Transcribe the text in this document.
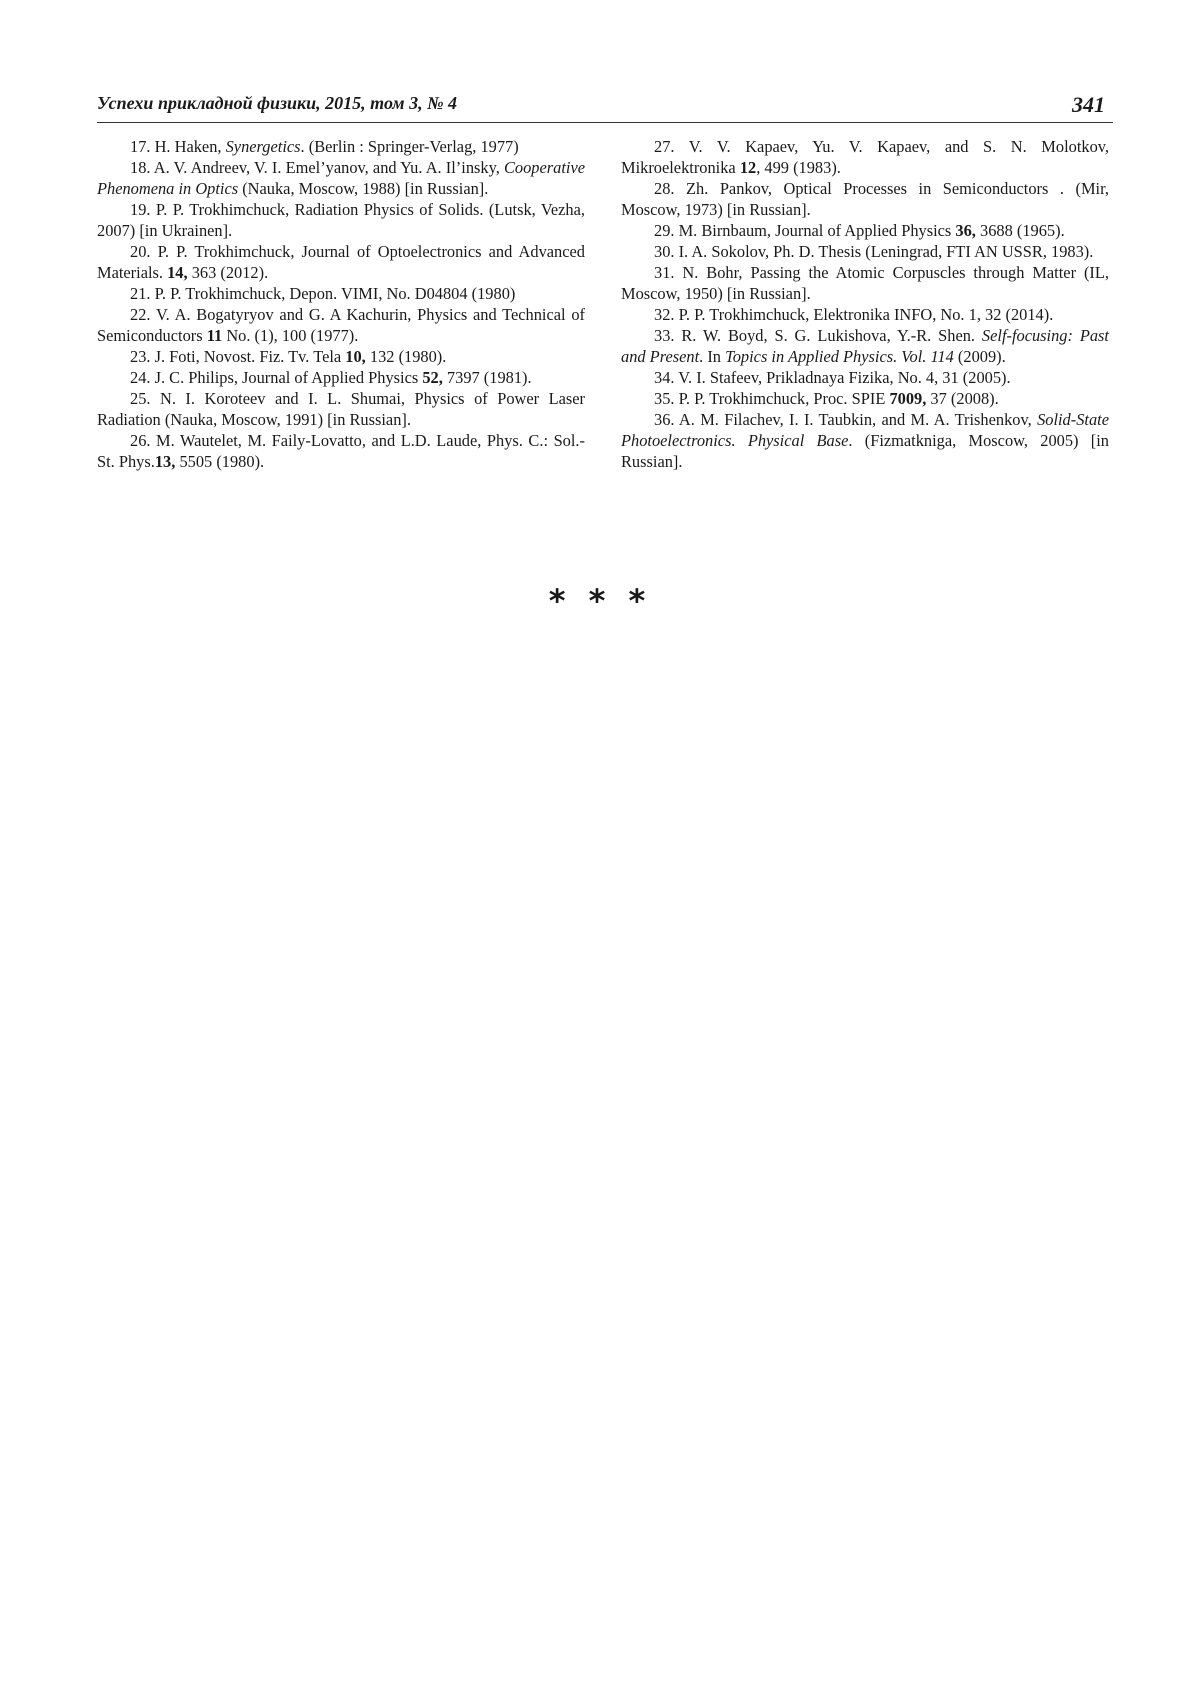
Успехи прикладной физики, 2015, том 3, № 4	341

17. H. Haken, Synergetics. (Berlin : Springer-Verlag, 1977)

18. A. V. Andreev, V. I. Emel’yanov, and Yu. A. Il’insky, Cooperative Phenomena in Optics (Nauka, Moscow, 1988) [in Russian].

19. P. P. Trokhimchuck, Radiation Physics of Solids. (Lutsk, Vezha, 2007) [in Ukrainen].

20. P. P. Trokhimchuck, Journal of Optoelectronics and Advanced Materials. 14, 363 (2012).

21. P. P. Trokhimchuck, Depon. VIMI, No. D04804 (1980)

22. V. A. Bogatyryov and G. A Kachurin, Physics and Technical of Semiconductors 11 No. (1), 100 (1977).

23. J. Foti, Novost. Fiz. Tv. Tela 10, 132 (1980).

24. J. C. Philips, Journal of Applied Physics 52, 7397 (1981).

25. N. I. Koroteev and I. L. Shumai, Physics of Power Laser Radiation (Nauka, Moscow, 1991) [in Russian].

26. M. Wautelet, M. Faily-Lovatto, and L.D. Laude, Phys. C.: Sol.-St. Phys.13, 5505 (1980).

27. V. V. Kapaev, Yu. V. Kapaev, and S. N. Molotkov, Mikroelektronika 12, 499 (1983).

28. Zh. Pankov, Optical Processes in Semiconductors . (Mir, Moscow, 1973) [in Russian].

29. M. Birnbaum, Journal of Applied Physics 36, 3688 (1965).

30. I. A. Sokolov, Ph. D. Thesis (Leningrad, FTI AN USSR, 1983).

31. N. Bohr, Passing the Atomic Corpuscles through Matter (IL, Moscow, 1950) [in Russian].

32. P. P. Trokhimchuck, Elektronika INFO, No. 1, 32 (2014).

33. R. W. Boyd, S. G. Lukishova, Y.-R. Shen. Self-focusing: Past and Present. In Topics in Applied Physics. Vol. 114 (2009).

34. V. I. Stafeev, Prikladnaya Fizika, No. 4, 31 (2005).

35. P. P. Trokhimchuck, Proc. SPIE 7009, 37 (2008).

36. A. M. Filachev, I. I. Taubkin, and M. A. Trishenkov, Solid-State Photoelectronics. Physical Base. (Fizmatkniga, Moscow, 2005) [in Russian].

* * *
